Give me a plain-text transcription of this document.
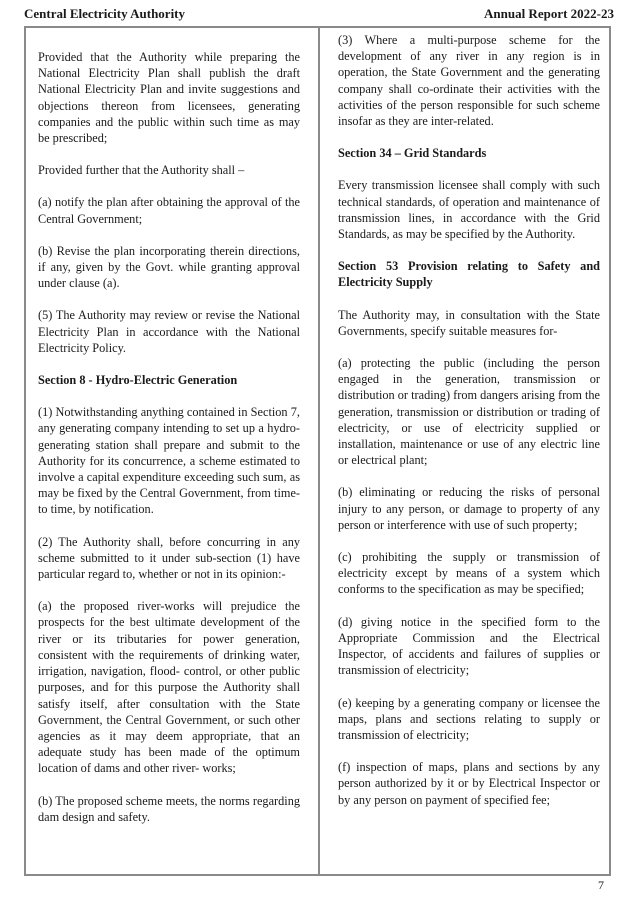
Central Electricity Authority	Annual Report 2022-23

Provided that the Authority while preparing the National Electricity Plan shall publish the draft National Electricity Plan and invite suggestions and objections thereon from licensees, generating companies and the public within such time as may be prescribed;

Provided further that the Authority shall –

(a) notify the plan after obtaining the approval of the Central Government;

(b) Revise the plan incorporating therein directions, if any, given by the Govt. while granting approval under clause (a).

(5) The Authority may review or revise the National Electricity Plan in accordance with the National Electricity Policy.

Section 8 - Hydro-Electric Generation

(1) Notwithstanding anything contained in Section 7, any generating company intending to set up a hydro-generating station shall prepare and submit to the Authority for its concurrence, a scheme estimated to involve a capital expenditure exceeding such sum, as may be fixed by the Central Government, from time- to time, by notification.

(2) The Authority shall, before concurring in any scheme submitted to it under sub-section (1) have particular regard to, whether or not in its opinion:-

(a) the proposed river-works will prejudice the prospects for the best ultimate development of the river or its tributaries for power generation, consistent with the requirements of drinking water, irrigation, navigation, flood- control, or other public purposes, and for this purpose the Authority shall satisfy itself, after consultation with the State Government, the Central Government, or such other agencies as it may deem appropriate, that an adequate study has been made of the optimum location of dams and other river- works;

(b) The proposed scheme meets, the norms regarding dam design and safety.

(3) Where a multi-purpose scheme for the development of any river in any region is in operation, the State Government and the generating company shall co-ordinate their activities with the activities of the person responsible for such scheme insofar as they are inter-related.

Section 34 – Grid Standards

Every transmission licensee shall comply with such technical standards, of operation and maintenance of transmission lines, in accordance with the Grid Standards, as may be specified by the Authority.

Section 53 Provision relating to Safety and Electricity Supply

The Authority may, in consultation with the State Governments, specify suitable measures for-

(a) protecting the public (including the person engaged in the generation, transmission or distribution or trading) from dangers arising from the generation, transmission or distribution or trading of electricity, or use of electricity supplied or installation, maintenance or use of any electric line or electrical plant;

(b) eliminating or reducing the risks of personal injury to any person, or damage to property of any person or interference with use of such property;

(c) prohibiting the supply or transmission of electricity except by means of a system which conforms to the specification as may be specified;

(d) giving notice in the specified form to the Appropriate Commission and the Electrical Inspector, of accidents and failures of supplies or transmission of electricity;

(e) keeping by a generating company or licensee the maps, plans and sections relating to supply or transmission of electricity;

(f) inspection of maps, plans and sections by any person authorized by it or by Electrical Inspector or by any person on payment of specified fee;

7
